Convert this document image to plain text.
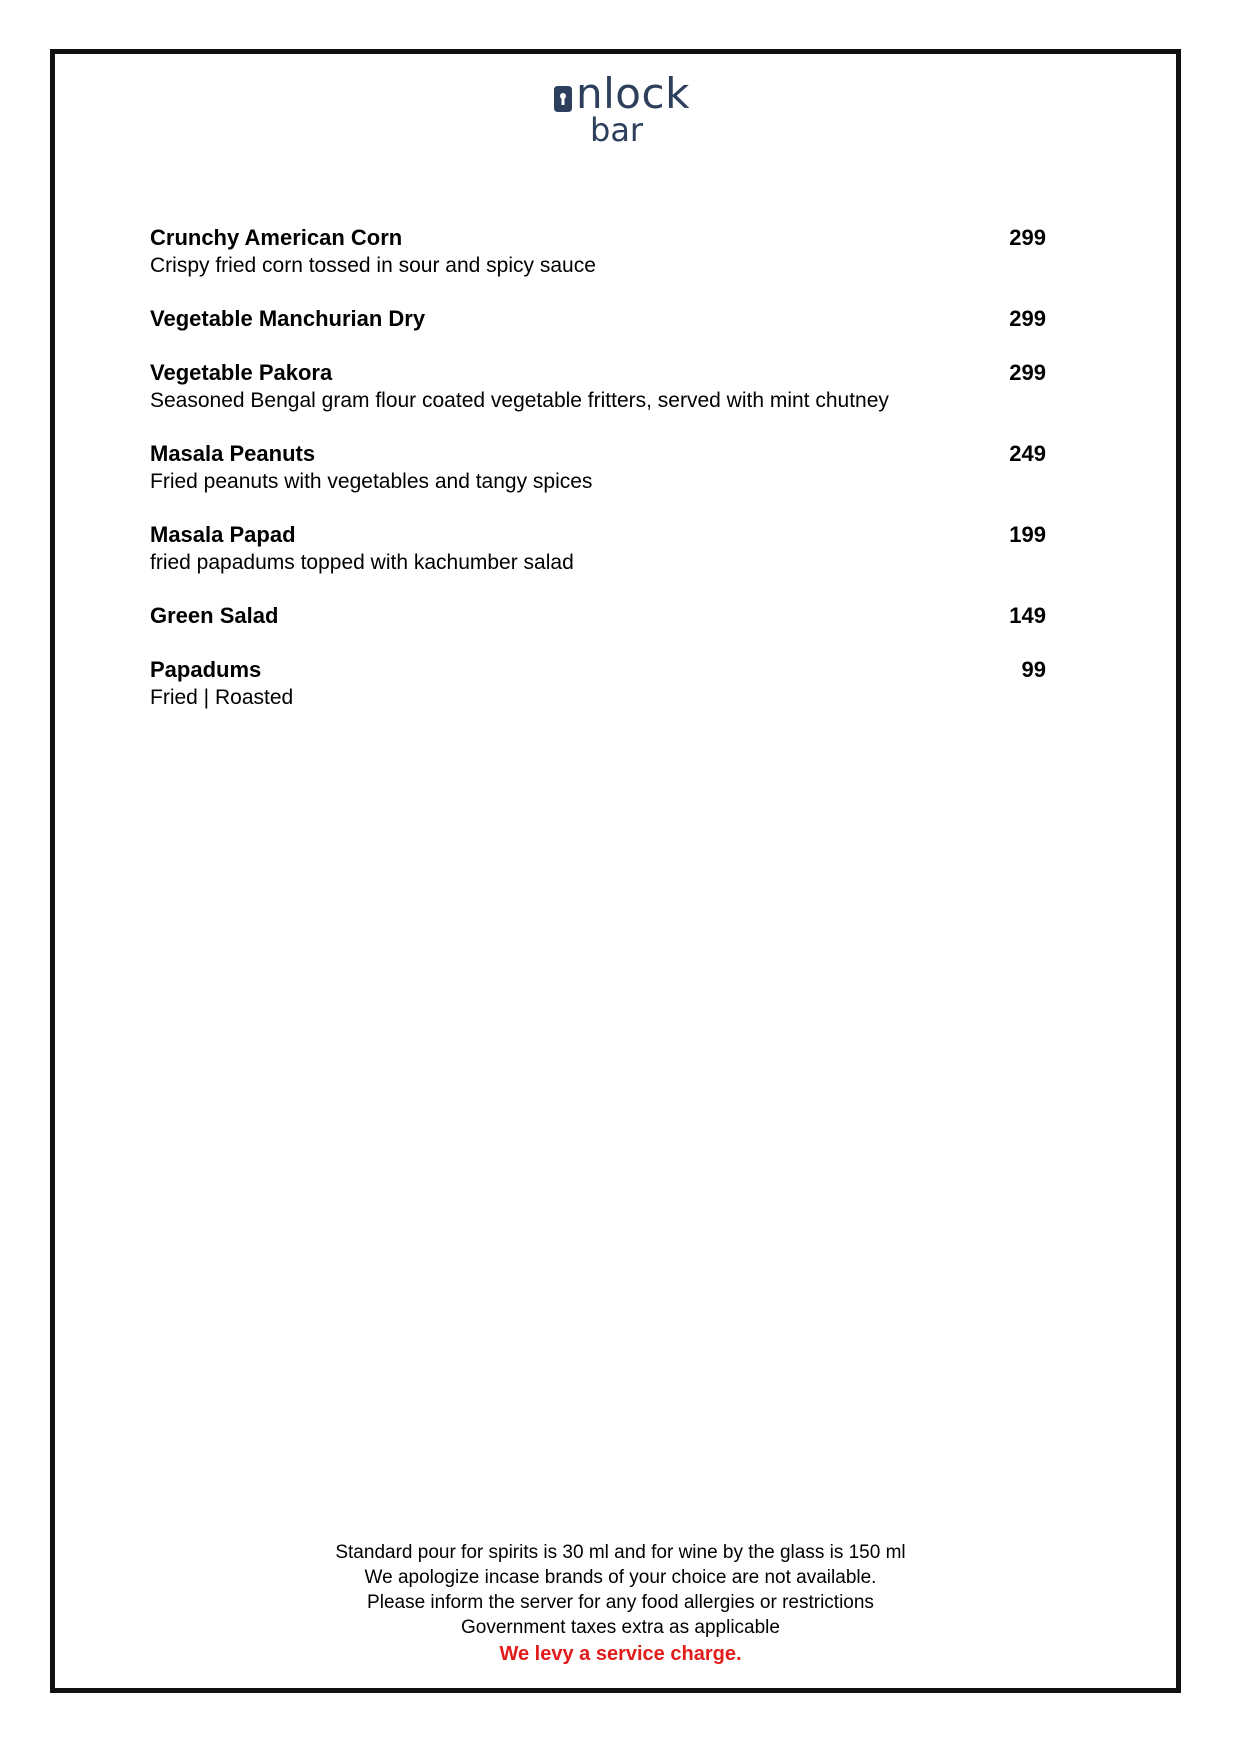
nlock
bar
Crunchy American Corn	299
Crispy fried corn tossed in sour and spicy sauce
Vegetable Manchurian Dry	299
Vegetable Pakora	299
Seasoned Bengal gram flour coated vegetable fritters, served with mint chutney
Masala Peanuts	249
Fried peanuts with vegetables and tangy spices
Masala Papad	199
fried papadums topped with kachumber salad
Green Salad	149
Papadums	99
Fried | Roasted
Standard pour for spirits is 30 ml and for wine by the glass is 150 ml
We apologize incase brands of your choice are not available.
Please inform the server for any food allergies or restrictions
Government taxes extra as applicable
We levy a service charge.
